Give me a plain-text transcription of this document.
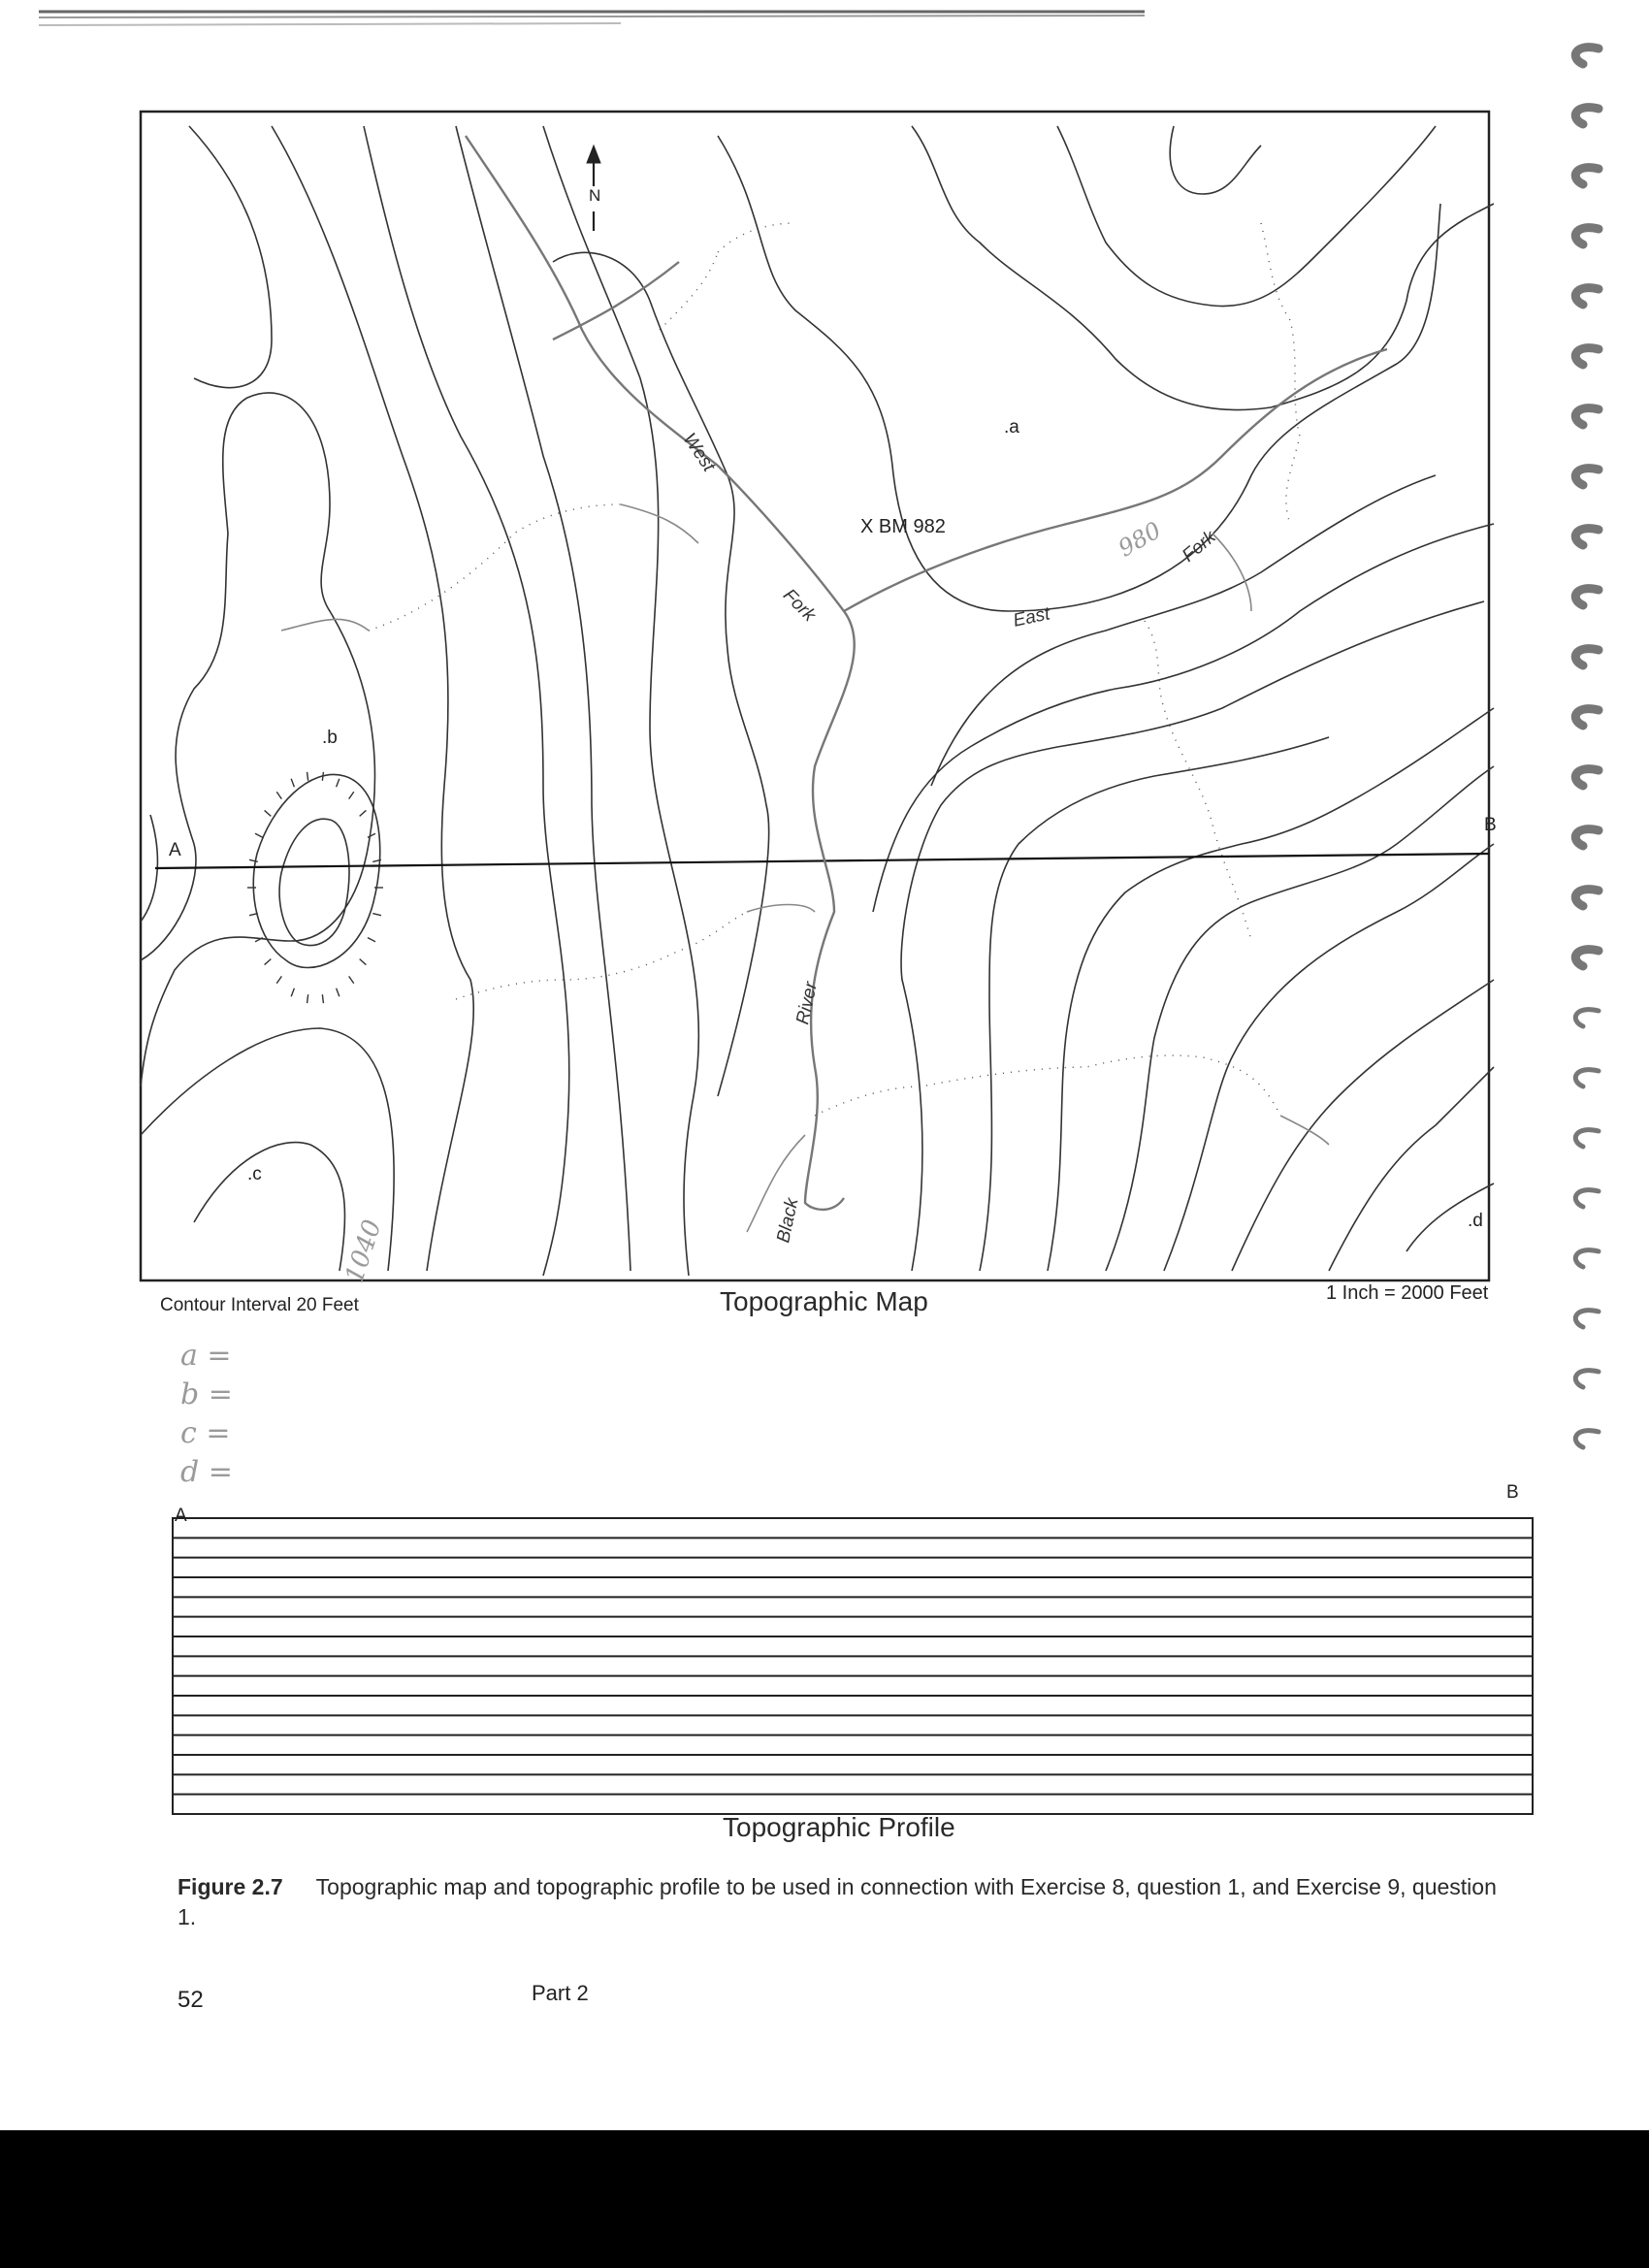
N
A
B
X BM 982
.a
.b
.c
.d
West
Fork	East
Fork
River
Black
980
1040
Contour Interval 20 Feet	Topographic Map	1 Inch = 2000 Feet
a =
b =
c =
d =
A
B
Topographic Profile
Figure 2.7 Topographic map and topographic profile to be used in connection with Exercise 8, question 1, and Exercise 9, question 1.
52	Part 2
